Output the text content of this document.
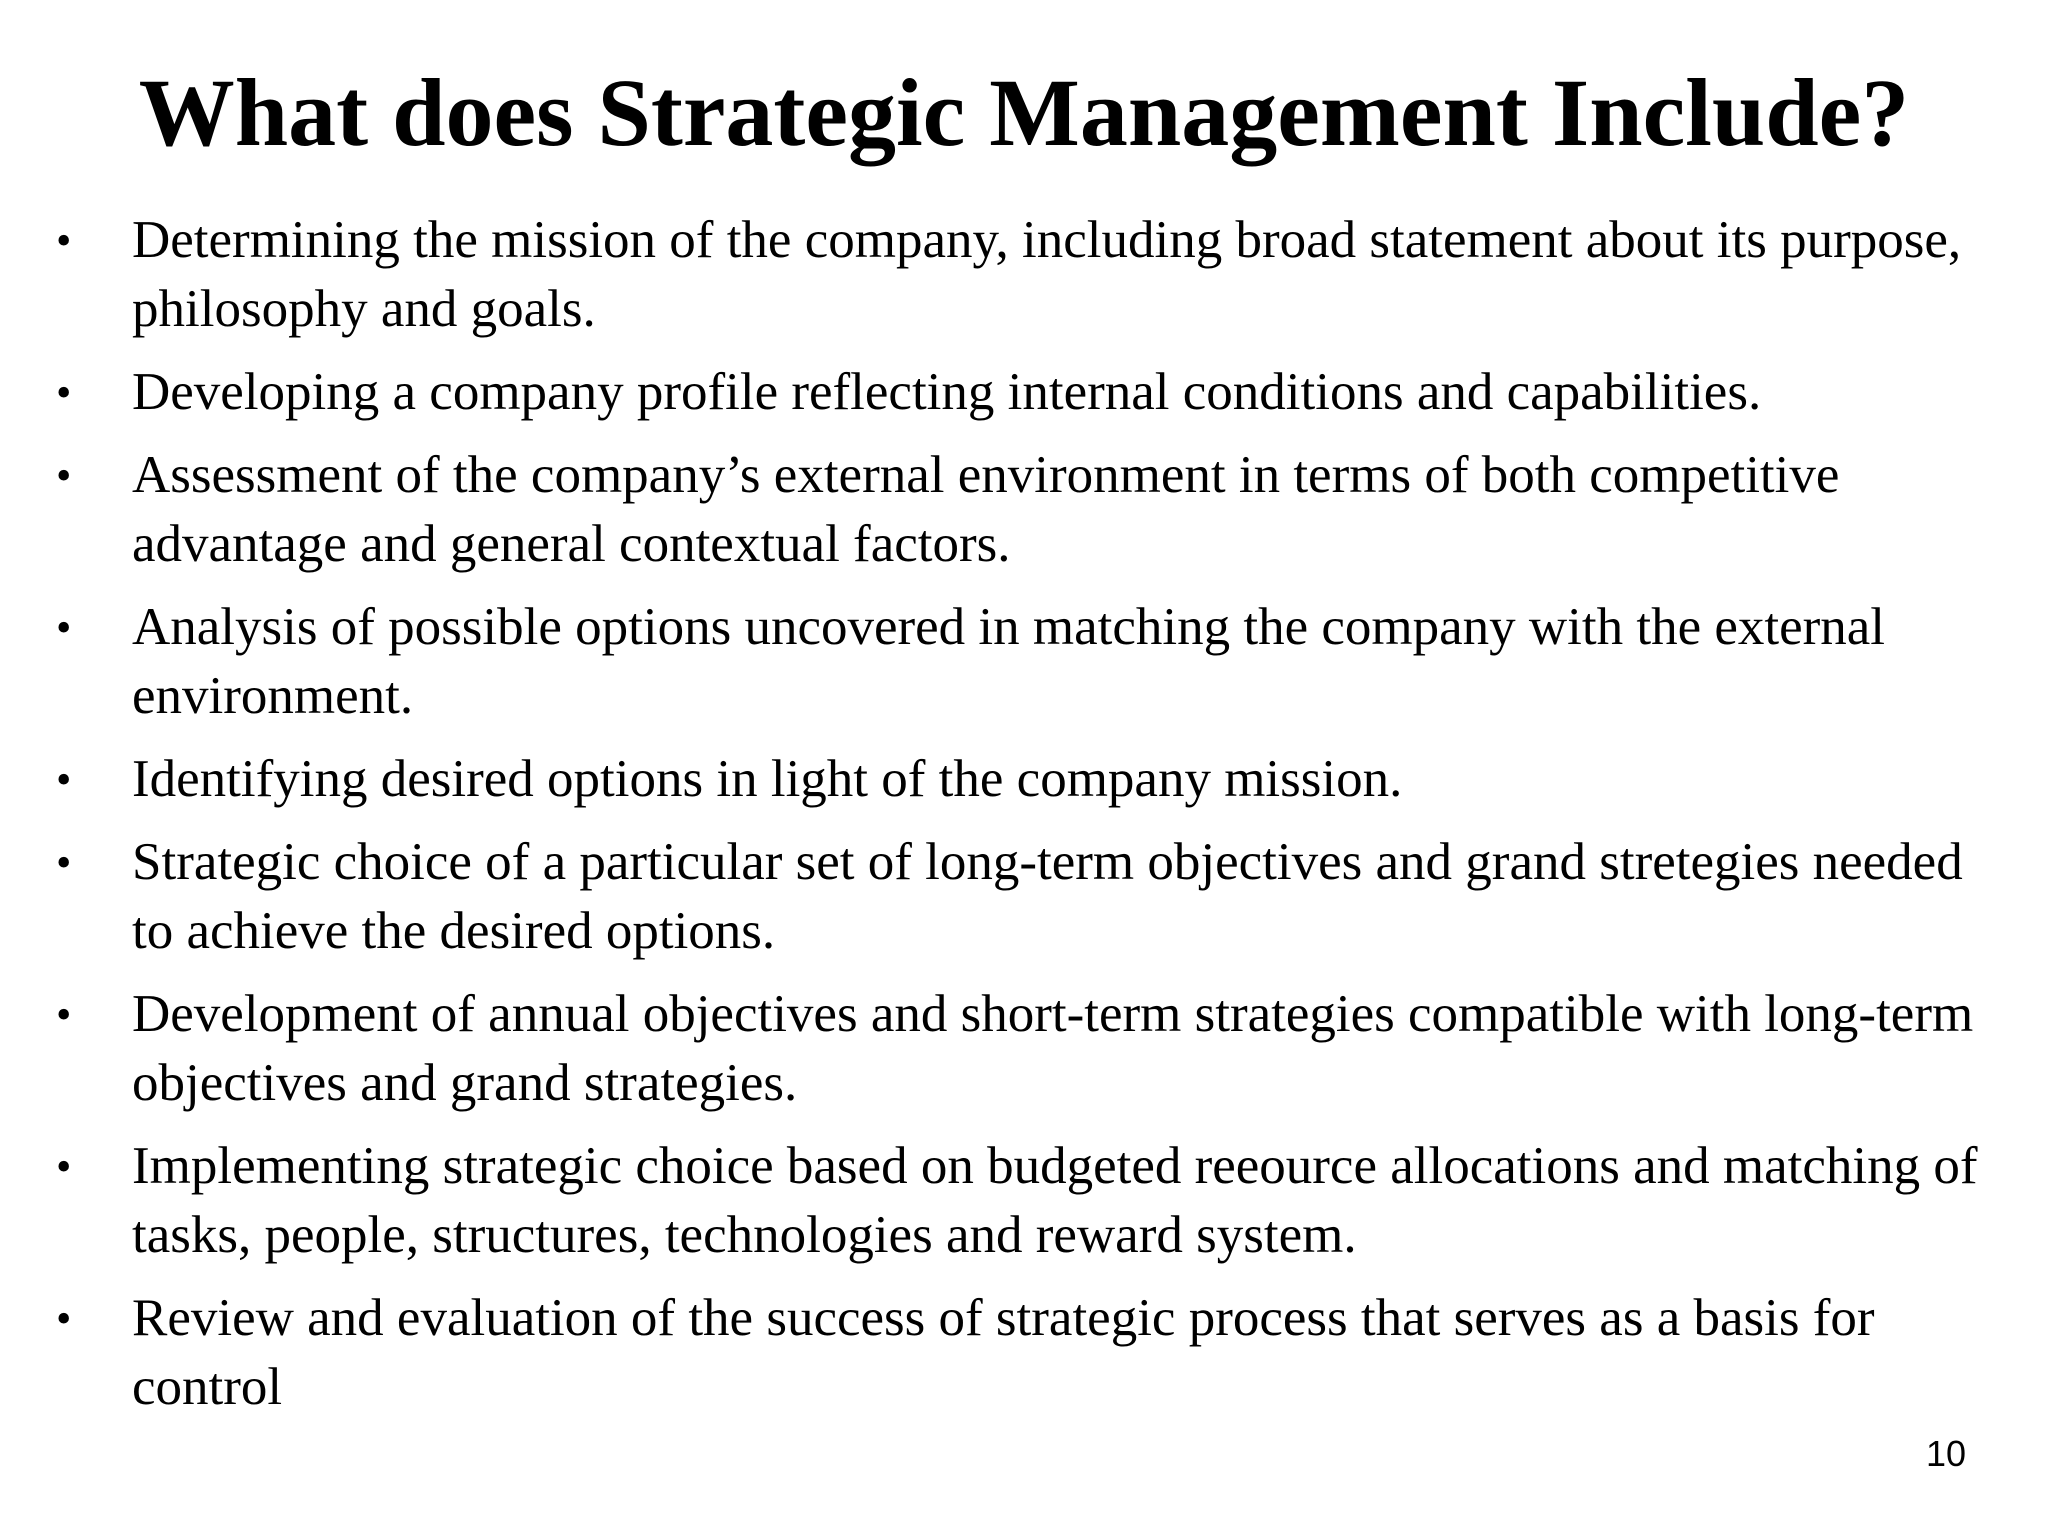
What does Strategic Management Include?
•	Determining the mission of the company, including broad statement about its purpose, philosophy and goals.
•	Developing a company profile reflecting internal conditions and capabilities.
•	Assessment of the company’s external environment in terms of both competitive advantage and general contextual factors.
•	Analysis of possible options uncovered in matching the company with the external environment.
•	Identifying desired options in light of the company mission.
•	Strategic choice of a particular set of long-term objectives and grand stretegies needed to achieve the desired options.
•	Development of annual objectives and short-term strategies compatible with long-term objectives and grand strategies.
•	Implementing strategic choice based on budgeted reeource allocations and matching of tasks, people, structures, technologies and reward system.
•	Review and evaluation of the success of strategic process that serves as a basis for control
10
